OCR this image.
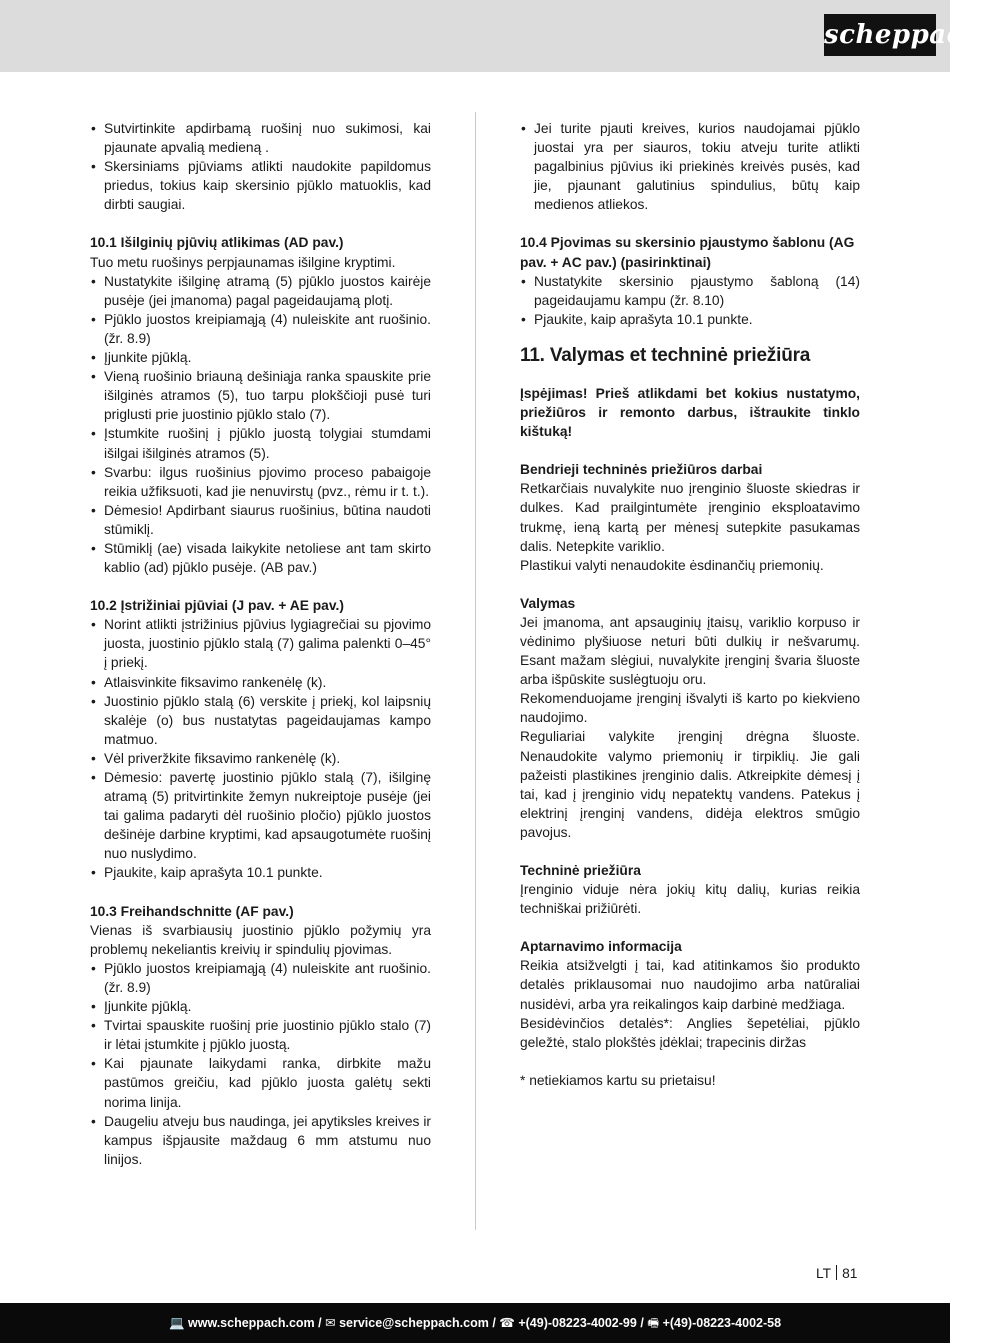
scheppach
• Sutvirtinkite apdirbamą ruošinį nuo sukimosi, kai pjaunate apvalią medieną .
• Skersiniams pjūviams atlikti naudokite papildomus priedus, tokius kaip skersinio pjūklo matuoklis, kad dirbti saugiai.
10.1 Išilginių pjūvių atlikimas (AD pav.)

Tuo metu ruošinys perpjaunamas išilgine kryptimi.

• Nustatykite išilginę atramą (5) pjūklo juostos kairėje pusėje (jei įmanoma) pagal pageidaujamą plotį.
• Pjūklo juostos kreipiamąją (4) nuleiskite ant ruošinio. (žr. 8.9)
• Įjunkite pjūklą.
• Vieną ruošinio briauną dešiniąja ranka spauskite prie išilginės atramos (5), tuo tarpu plokščioji pusė turi priglusti prie juostinio pjūklo stalo (7).
• Įstumkite ruošinį į pjūklo juostą tolygiai stumdami išilgai išilginės atramos (5).
• Svarbu: ilgus ruošinius pjovimo proceso pabaigoje reikia užfiksuoti, kad jie nenuvirstų (pvz., rėmu ir t. t.).
• Dėmesio! Apdirbant siaurus ruošinius, būtina naudoti stūmiklį.
• Stūmiklį (ae) visada laikykite netoliese ant tam skirto kablio (ad) pjūklo pusėje. (AB pav.)
10.2 Įstrižiniai pjūviai (J pav. + AE pav.)
• Norint atlikti įstrižinius pjūvius lygiagrečiai su pjovimo juosta, juostinio pjūklo stalą (7) galima palenkti 0–45° į priekį.
• Atlaisvinkite fiksavimo rankenėlę (k).
• Juostinio pjūklo stalą (6) verskite į priekį, kol laipsnių skalėje (o) bus nustatytas pageidaujamas kampo matmuo.
• Vėl priveržkite fiksavimo rankenėlę (k).
• Dėmesio: pavertę juostinio pjūklo stalą (7), išilginę atramą (5) pritvirtinkite žemyn nukreiptoje pusėje (jei tai galima padaryti dėl ruošinio pločio) pjūklo juostos dešinėje darbine kryptimi, kad apsaugotumėte ruošinį nuo nuslydimo.
• Pjaukite, kaip aprašyta 10.1 punkte.
10.3 Freihandschnitte (AF pav.)

Vienas iš svarbiausių juostinio pjūklo požymių yra problemų nekeliantis kreivių ir spindulių pjovimas.

• Pjūklo juostos kreipiamąją (4) nuleiskite ant ruošinio. (žr. 8.9)
• Įjunkite pjūklą.
• Tvirtai spauskite ruošinį prie juostinio pjūklo stalo (7) ir lėtai įstumkite į pjūklo juostą.
• Kai pjaunate laikydami ranka, dirbkite mažu pastūmos greičiu, kad pjūklo juosta galėtų sekti norima linija.
• Daugeliu atveju bus naudinga, jei apytiksles kreives ir kampus išpjausite maždaug 6 mm atstumu nuo linijos.
• Jei turite pjauti kreives, kurios naudojamai pjūklo juostai yra per siauros, tokiu atveju turite atlikti pagalbinius pjūvius iki priekinės kreivės pusės, kad jie, pjaunant galutinius spindulius, būtų kaip medienos atliekos.
10.4 Pjovimas su skersinio pjaustymo šablonu (AG pav. + AC pav.) (pasirinktinai)
• Nustatykite skersinio pjaustymo šabloną (14) pageidaujamu kampu (žr. 8.10)
• Pjaukite, kaip aprašyta 10.1 punkte.
11. Valymas et techninė priežiūra

Įspėjimas! Prieš atlikdami bet kokius nustatymo, priežiūros ir remonto darbus, ištraukite tinklo kištuką!

Bendrieji techninės priežiūros darbai

Retkarčiais nuvalykite nuo įrenginio šluoste skiedras ir dulkes. Kad prailgintumėte įrenginio eksploatavimo trukmę, ieną kartą per mėnesį sutepkite pasukamas dalis. Netepkite variklio.

Plastikui valyti nenaudokite ėsdinančių priemonių.

Valymas

Jei įmanoma, ant apsauginių įtaisų, variklio korpuso ir vėdinimo plyšiuose neturi būti dulkių ir nešvarumų. Esant mažam slėgiui, nuvalykite įrenginį švaria šluoste arba išpūskite suslėgtuoju oru.

Rekomenduojame įrenginį išvalyti iš karto po kiekvieno naudojimo.

Reguliariai valykite įrenginį drėgna šluoste. Nenaudokite valymo priemonių ir tirpiklių. Jie gali pažeisti plastikines įrenginio dalis. Atkreipkite dėmesį į tai, kad į įrenginio vidų nepatektų vandens. Patekus į elektrinį įrenginį vandens, didėja elektros smūgio pavojus.

Techninė priežiūra

Įrenginio viduje nėra jokių kitų dalių, kurias reikia techniškai prižiūrėti.

Aptarnavimo informacija

Reikia atsižvelgti į tai, kad atitinkamos šio produkto detalės priklausomai nuo naudojimo arba natūraliai nusidėvi, arba yra reikalingos kaip darbinė medžiaga.

Besidėvinčios detalės*: Anglies šepetėliai, pjūklo geležtė, stalo plokštės įdėklai; trapecinis diržas

* netiekiamos kartu su prietaisu!

LT 81
💻 www.scheppach.com / ✉ service@scheppach.com / ☎ +(49)-08223-4002-99 / 🖷 +(49)-08223-4002-58
